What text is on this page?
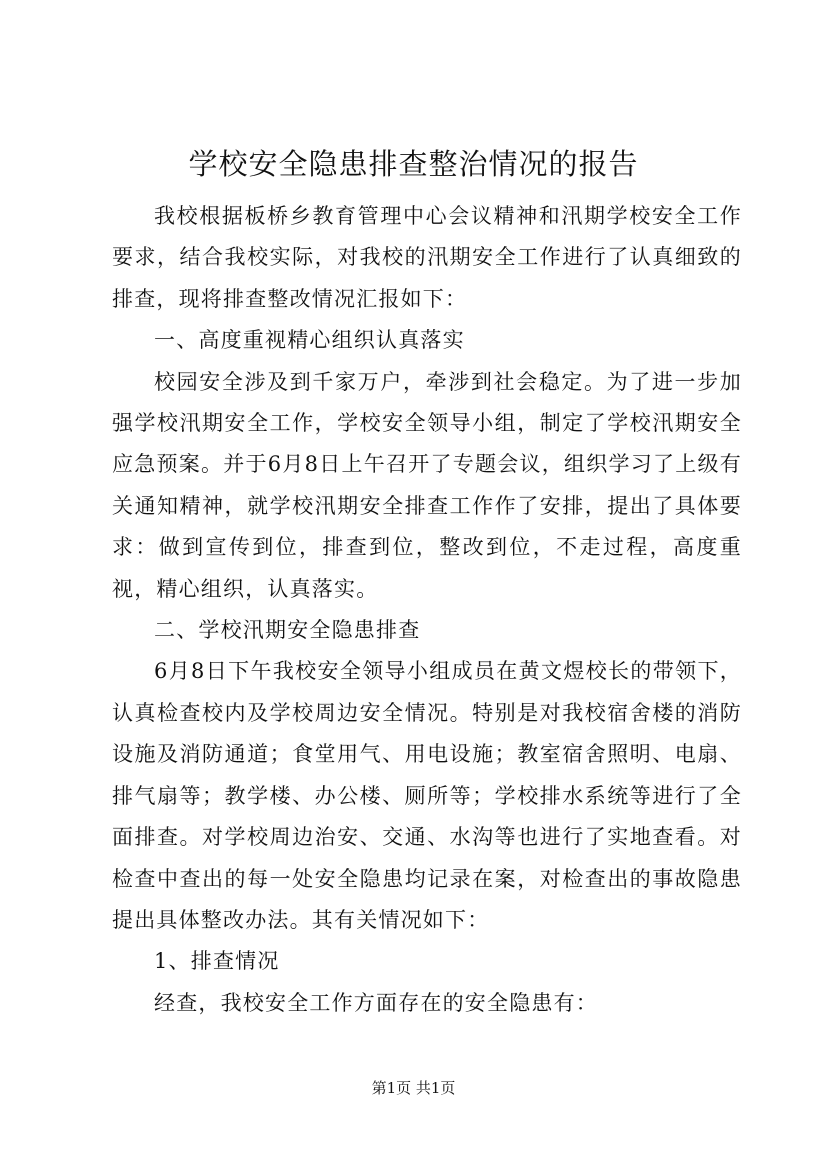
学校安全隐患排查整治情况的报告

我校根据板桥乡教育管理中心会议精神和汛期学校安全工作要求，结合我校实际，对我校的汛期安全工作进行了认真细致的排查，现将排查整改情况汇报如下：

一、高度重视精心组织认真落实

校园安全涉及到千家万户，牵涉到社会稳定。为了进一步加强学校汛期安全工作，学校安全领导小组，制定了学校汛期安全应急预案。并于6月8日上午召开了专题会议，组织学习了上级有关通知精神，就学校汛期安全排查工作作了安排，提出了具体要求：做到宣传到位，排查到位，整改到位，不走过程，高度重视，精心组织，认真落实。

二、学校汛期安全隐患排查

6月8日下午我校安全领导小组成员在黄文煜校长的带领下，认真检查校内及学校周边安全情况。特别是对我校宿舍楼的消防设施及消防通道；食堂用气、用电设施；教室宿舍照明、电扇、排气扇等；教学楼、办公楼、厕所等；学校排水系统等进行了全面排查。对学校周边治安、交通、水沟等也进行了实地查看。对检查中查出的每一处安全隐患均记录在案，对检查出的事故隐患提出具体整改办法。其有关情况如下：

1、排查情况

经查，我校安全工作方面存在的安全隐患有：

第1页 共1页
